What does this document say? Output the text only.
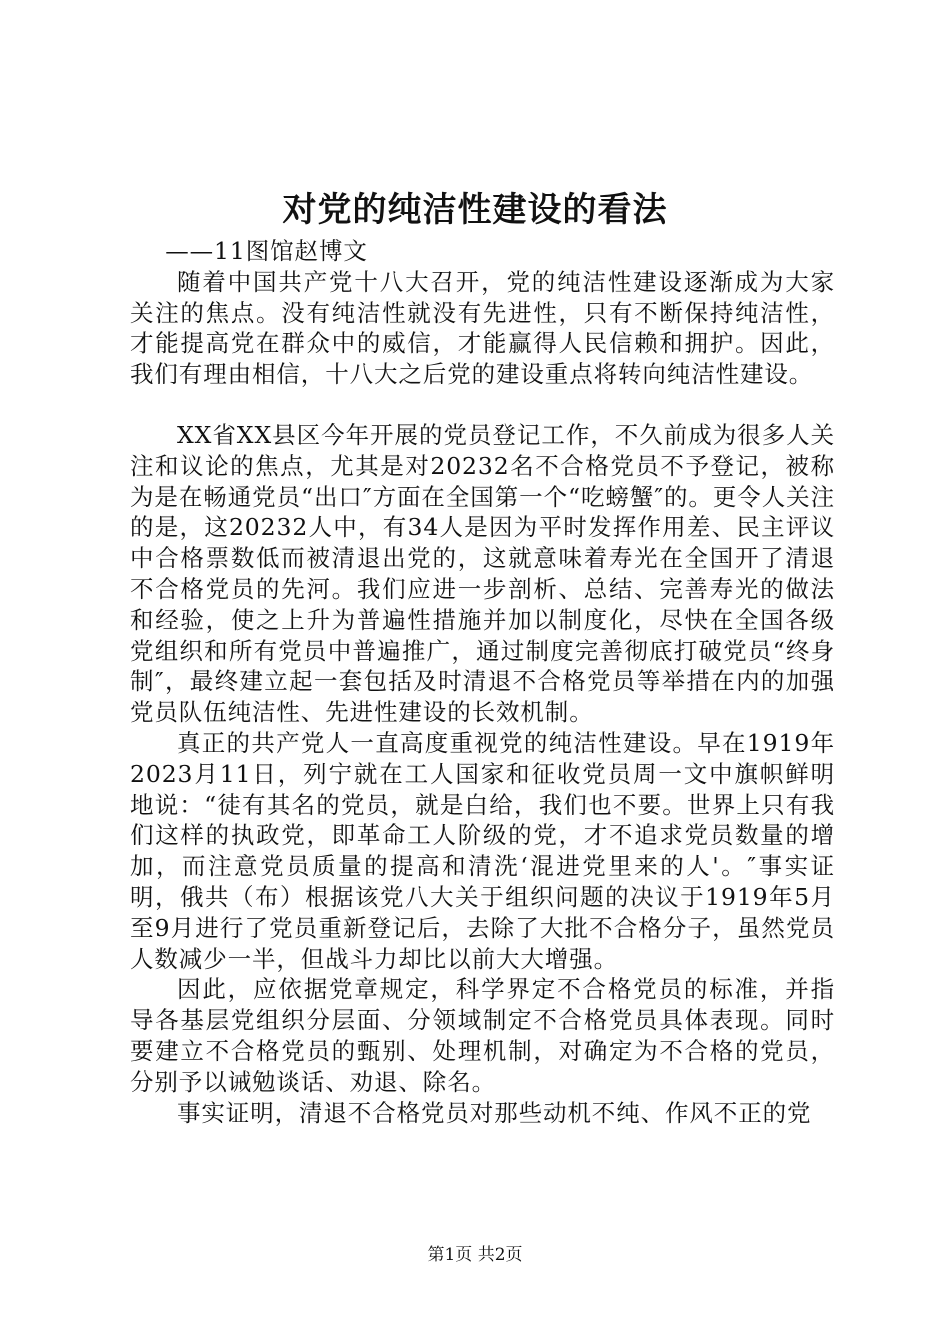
对党的纯洁性建设的看法

——11图馆赵博文

随着中国共产党十八大召开，党的纯洁性建设逐渐成为大家关注的焦点。没有纯洁性就没有先进性，只有不断保持纯洁性，才能提高党在群众中的威信，才能赢得人民信赖和拥护。因此，我们有理由相信，十八大之后党的建设重点将转向纯洁性建设。

XX省XX县区今年开展的党员登记工作，不久前成为很多人关注和议论的焦点，尤其是对20232名不合格党员不予登记，被称为是在畅通党员“出口″方面在全国第一个“吃螃蟹″的。更令人关注的是，这20232人中，有34人是因为平时发挥作用差、民主评议中合格票数低而被清退出党的，这就意味着寿光在全国开了清退不合格党员的先河。我们应进一步剖析、总结、完善寿光的做法和经验，使之上升为普遍性措施并加以制度化，尽快在全国各级党组织和所有党员中普遍推广，通过制度完善彻底打破党员“终身制″，最终建立起一套包括及时清退不合格党员等举措在内的加强党员队伍纯洁性、先进性建设的长效机制。

真正的共产党人一直高度重视党的纯洁性建设。早在1919年2023月11日，列宁就在工人国家和征收党员周一文中旗帜鲜明地说：“徒有其名的党员，就是白给，我们也不要。世界上只有我们这样的执政党，即革命工人阶级的党，才不追求党员数量的增加，而注意党员质量的提高和清洗‘混进党里来的人'。″事实证明，俄共（布）根据该党八大关于组织问题的决议于1919年5月至9月进行了党员重新登记后，去除了大批不合格分子，虽然党员人数减少一半，但战斗力却比以前大大增强。

因此，应依据党章规定，科学界定不合格党员的标准，并指导各基层党组织分层面、分领域制定不合格党员具体表现。同时要建立不合格党员的甄别、处理机制，对确定为不合格的党员，分别予以诫勉谈话、劝退、除名。

事实证明，清退不合格党员对那些动机不纯、作风不正的党

第1页 共2页
